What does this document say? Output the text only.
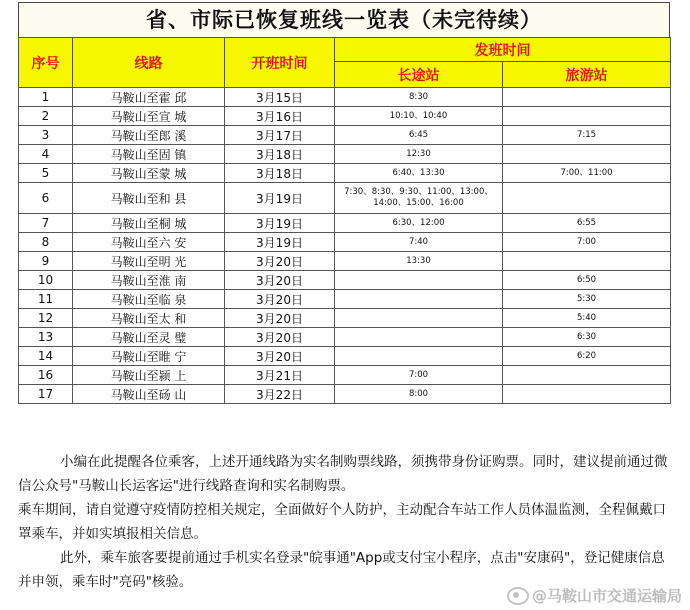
省、市际已恢复班线一览表（未完待续）
序号	线路	开班时间	发班时间	
			长途站	旅游站
1	马鞍山至霍 邱	3月15日	8:30	
2	马鞍山至宣 城	3月16日	10:10、10:40	
3	马鞍山至郎 溪	3月17日	6:45	7:15
4	马鞍山至固 镇	3月18日	12:30	
5	马鞍山至蒙 城	3月18日	6:40、13:30	7:00、11:00
6	马鞍山至和 县	3月19日	7:30、8:30、9:30、11:00、13:00、14:00、15:00、16:00	
7	马鞍山至桐 城	3月19日	6:30、12:00	6:55
8	马鞍山至六 安	3月19日	7:40	7:00
9	马鞍山至明 光	3月20日	13:30	
10	马鞍山至淮 南	3月20日		6:50
11	马鞍山至临 泉	3月20日		5:30
12	马鞍山至太 和	3月20日		5:40
13	马鞍山至灵 璧	3月20日		6:30
14	马鞍山至睢 宁	3月20日		6:20
16	马鞍山至颍 上	3月21日	7:00	
17	马鞍山至砀 山	3月22日	8:00	

小编在此提醒各位乘客，上述开通线路为实名制购票线路，须携带身份证购票。同时，建议提前通过微信公众号"马鞍山长运客运"进行线路查询和实名制购票。

乘车期间，请自觉遵守疫情防控相关规定，全面做好个人防护，主动配合车站工作人员体温监测，全程佩戴口罩乘车，并如实填报相关信息。

此外，乘车旅客要提前通过手机实名登录"皖事通"App或支付宝小程序，点击"安康码"，登记健康信息并申领，乘车时"亮码"核验。

@马鞍山市交通运输局
